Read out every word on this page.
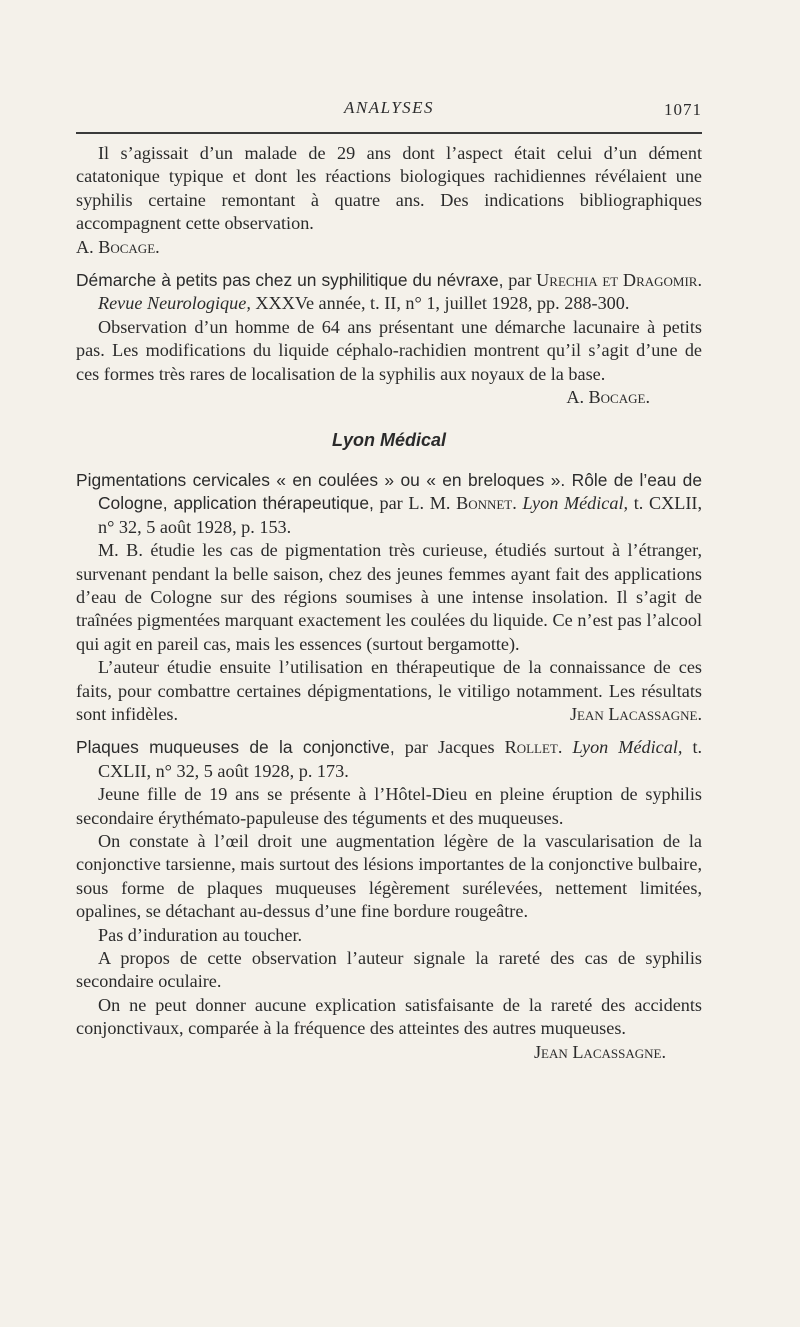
ANALYSES	1071

Il s’agissait d’un malade de 29 ans dont l’aspect était celui d’un dément catatonique typique et dont les réactions biologiques rachidiennes révélaient une syphilis certaine remontant à quatre ans. Des indications bibliographiques accompagnent cette observation.

A. Bocage.

Démarche à petits pas chez un syphilitique du névraxe, par Urechia et Dragomir. Revue Neurologique, XXXVe année, t. II, n° 1, juillet 1928, pp. 288-300.

Observation d’un homme de 64 ans présentant une démarche lacunaire à petits pas. Les modifications du liquide céphalo-rachidien montrent qu’il s’agit d’une de ces formes très rares de localisation de la syphilis aux noyaux de la base.
A. Bocage.

Lyon Médical

Pigmentations cervicales « en coulées » ou « en breloques ». Rôle de l’eau de Cologne, application thérapeutique, par L. M. Bonnet. Lyon Médical, t. CXLII, n° 32, 5 août 1928, p. 153.

M. B. étudie les cas de pigmentation très curieuse, étudiés surtout à l’étranger, survenant pendant la belle saison, chez des jeunes femmes ayant fait des applications d’eau de Cologne sur des régions soumises à une intense insolation. Il s’agit de traînées pigmentées marquant exactement les coulées du liquide. Ce n’est pas l’alcool qui agit en pareil cas, mais les essences (surtout bergamotte).

L’auteur étudie ensuite l’utilisation en thérapeutique de la connaissance de ces faits, pour combattre certaines dépigmentations, le vitiligo notamment. Les résultats sont infidèles.	Jean Lacassagne.

Plaques muqueuses de la conjonctive, par Jacques Rollet. Lyon Médical, t. CXLII, n° 32, 5 août 1928, p. 173.

Jeune fille de 19 ans se présente à l’Hôtel-Dieu en pleine éruption de syphilis secondaire érythémato-papuleuse des téguments et des muqueuses.

On constate à l’œil droit une augmentation légère de la vascularisation de la conjonctive tarsienne, mais surtout des lésions importantes de la conjonctive bulbaire, sous forme de plaques muqueuses légèrement surélevées, nettement limitées, opalines, se détachant au-dessus d’une fine bordure rougeâtre.

Pas d’induration au toucher.

A propos de cette observation l’auteur signale la rareté des cas de syphilis secondaire oculaire.

On ne peut donner aucune explication satisfaisante de la rareté des accidents conjonctivaux, comparée à la fréquence des atteintes des autres muqueuses.
Jean Lacassagne.
